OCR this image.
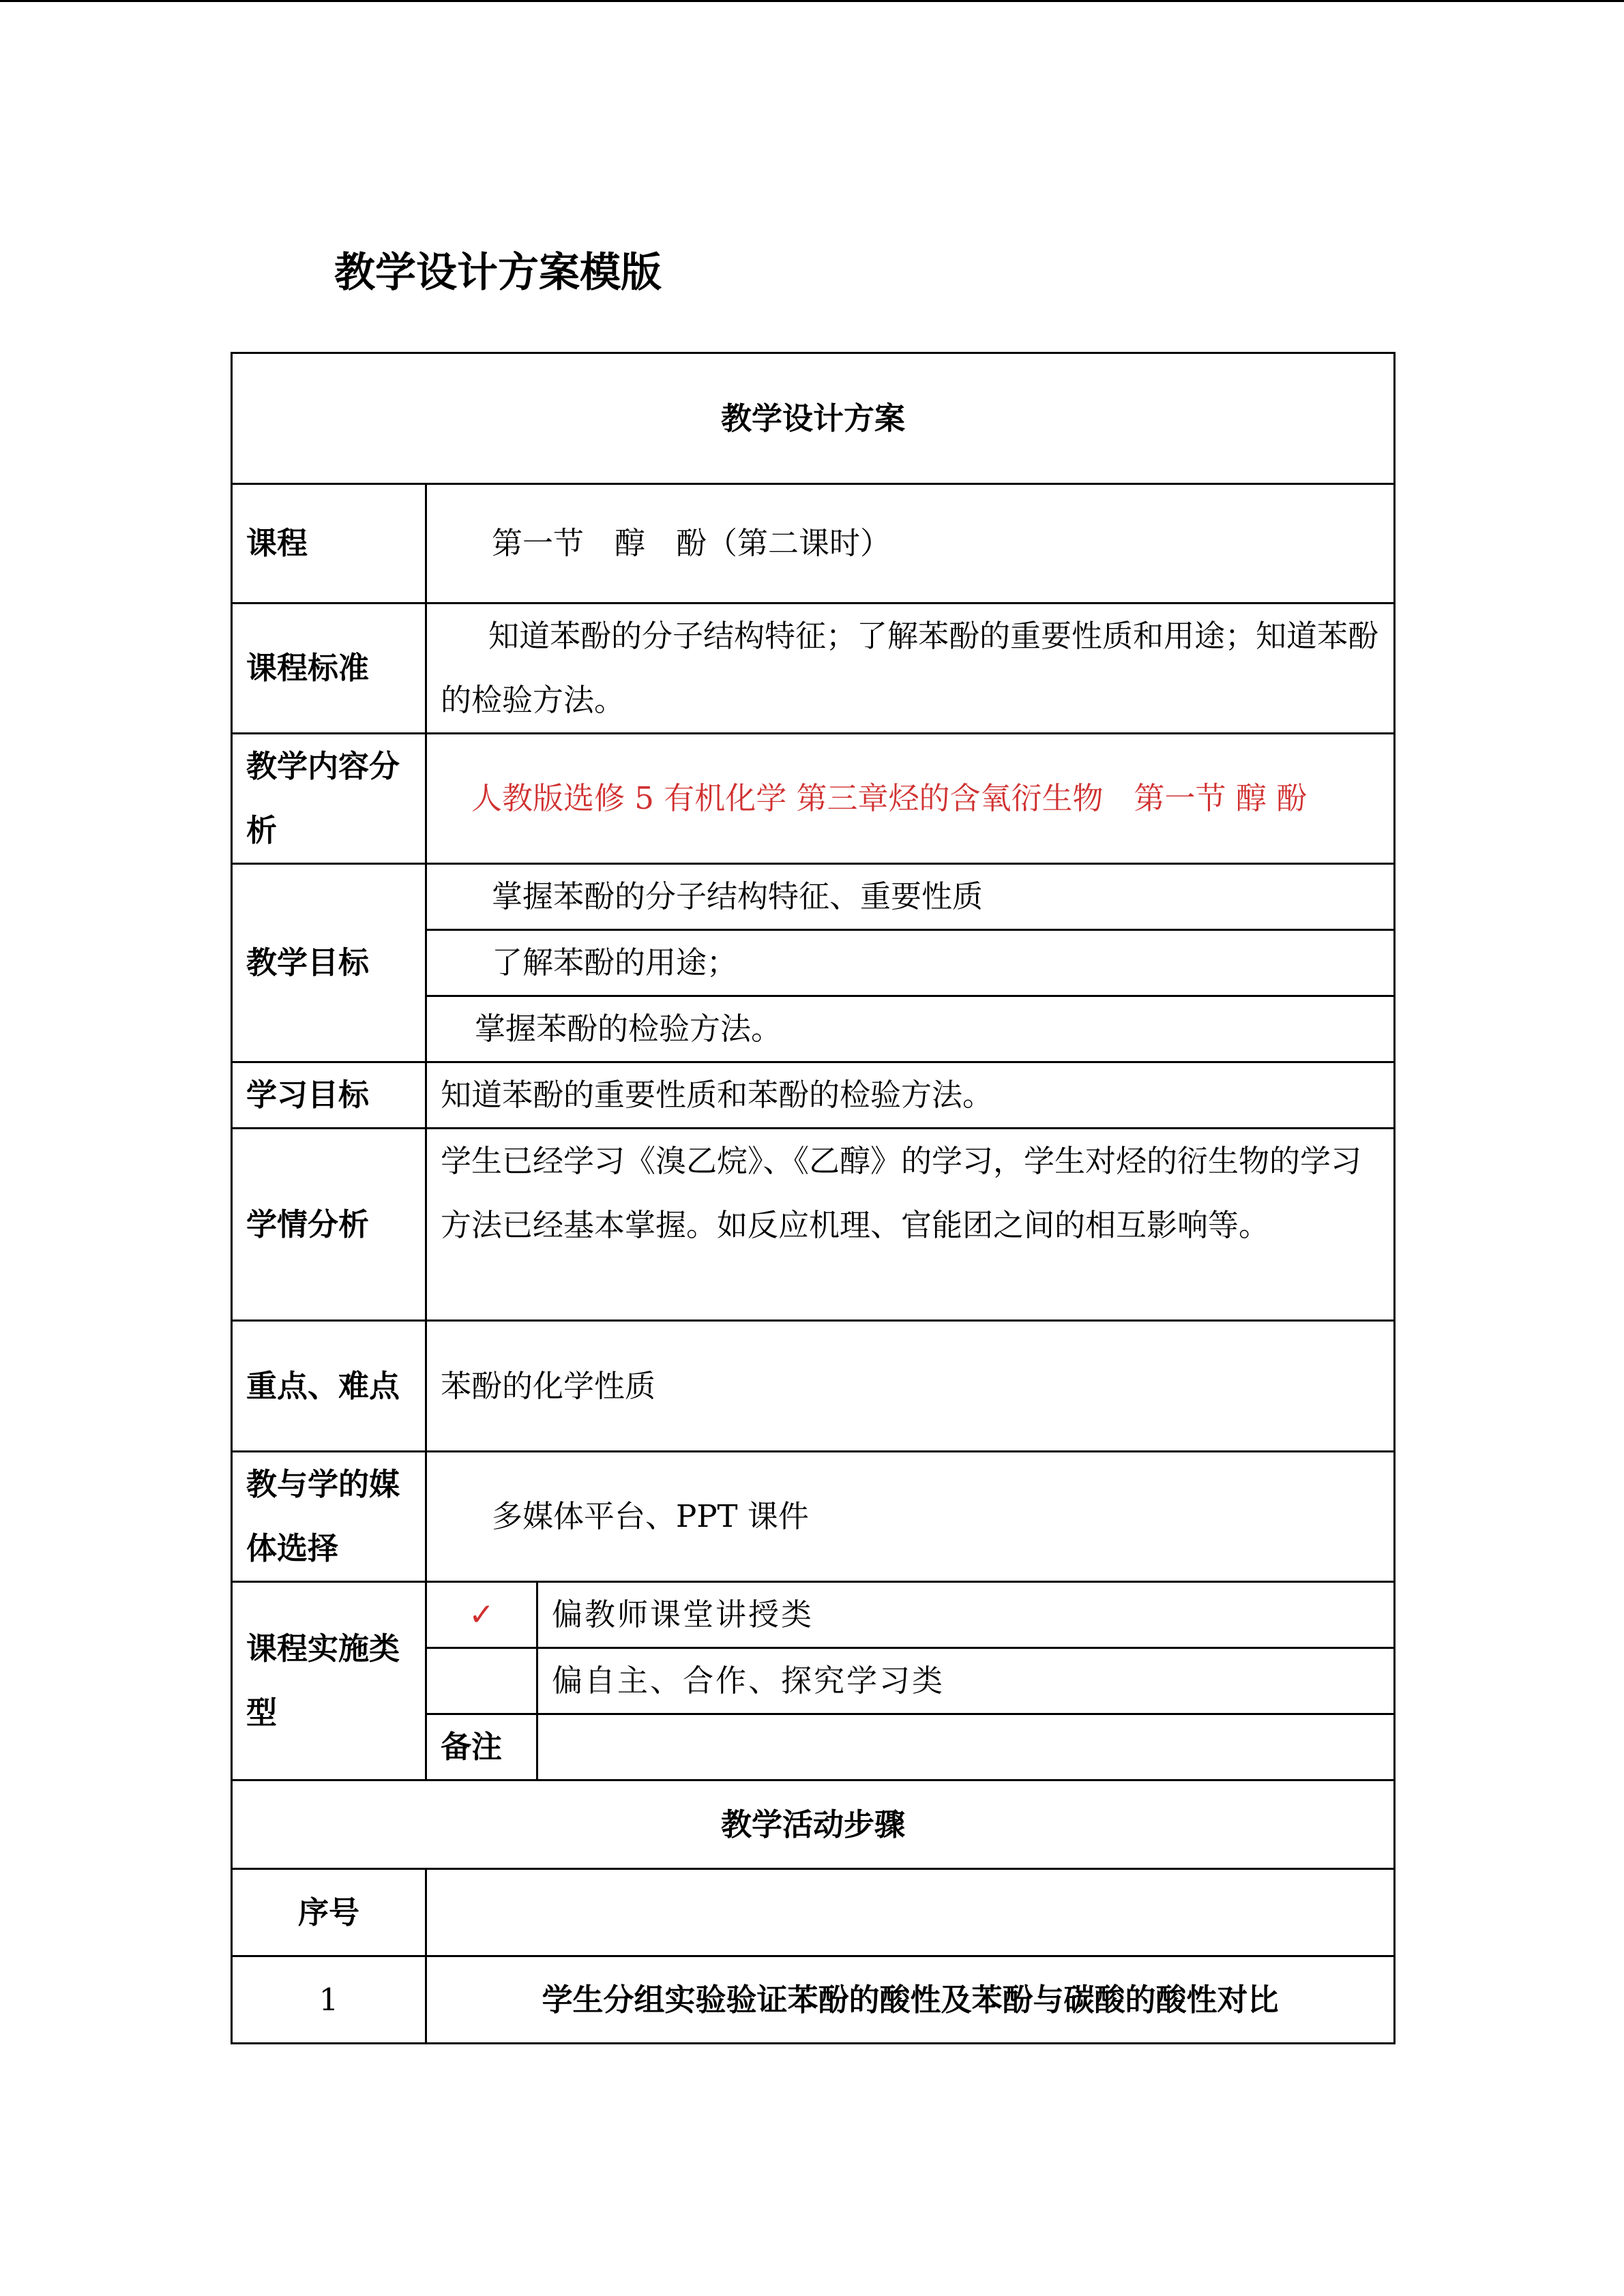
教学设计方案模版
教学设计方案		
课程	第一节　醇　酚（第二课时）	
课程标准	知道苯酚的分子结构特征；了解苯酚的重要性质和用途；知道苯酚的检验方法。	
教学内容分析	人教版选修 5 有机化学 第三章烃的含氧衍生物　第一节 醇 酚	
教学目标	掌握苯酚的分子结构特征、重要性质	
	了解苯酚的用途；	
	掌握苯酚的检验方法。	
学习目标	知道苯酚的重要性质和苯酚的检验方法。	
学情分析	学生已经学习《溴乙烷》、《乙醇》的学习，学生对烃的衍生物的学习方法已经基本掌握。如反应机理、官能团之间的相互影响等。	
重点、难点	苯酚的化学性质	
教与学的媒体选择	多媒体平台、PPT 课件	
课程实施类型	✓	偏教师课堂讲授类
		偏自主、合作、探究学习类
	备注	
教学活动步骤		
序号		
1	学生分组实验验证苯酚的酸性及苯酚与碳酸的酸性对比	
